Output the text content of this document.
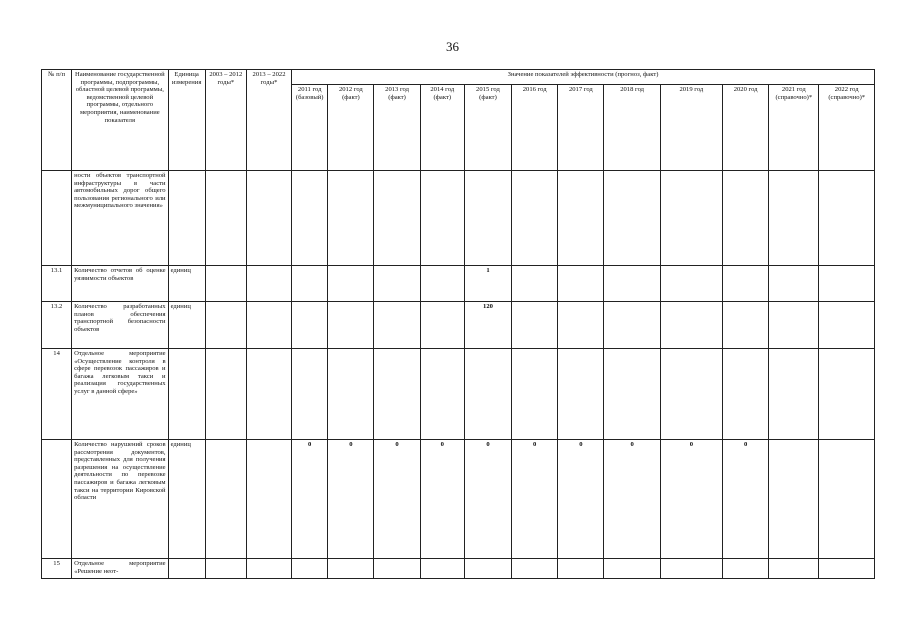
36
№ п/п	Наименование государственной программы, подпрограммы, областной целевой программы, ведомственной целевой программы, отдельного мероприятия, наименование показателя	Единица измерения	2003 – 2012 годы*	2013 – 2022 годы*	Значение показателей эффективности (прогноз, факт)											
					2011 год (базовый)	2012 год (факт)	2013 год (факт)	2014 год (факт)	2015 год (факт)	2016 год	2017 год	2018 год	2019 год	2020 год	2021 год (справочно)*	2022 год (справочно)*
	ности объектов транспортной инфраструктуры в части автомобильных дорог общего пользования регионального или межмуниципального значения»															
13.1	Количество отчетов об оценке уязвимости объектов	единиц							1							
13.2	Количество разработанных планов обеспечения транспортной безопасности объектов	единиц							120							
14	Отдельное мероприятие «Осуществление контроля в сфере перевозок пассажиров и багажа легковым такси и реализация государственных услуг в данной сфере»															
	Количество нарушений сроков рассмотрения документов, представленных для получения разрешения на осуществление деятельности по перевозке пассажиров и багажа легковым такси на территории Кировской области	единиц			0	0	0	0	0	0	0	0	0	0		
15	Отдельное мероприятие «Решение неот-															
